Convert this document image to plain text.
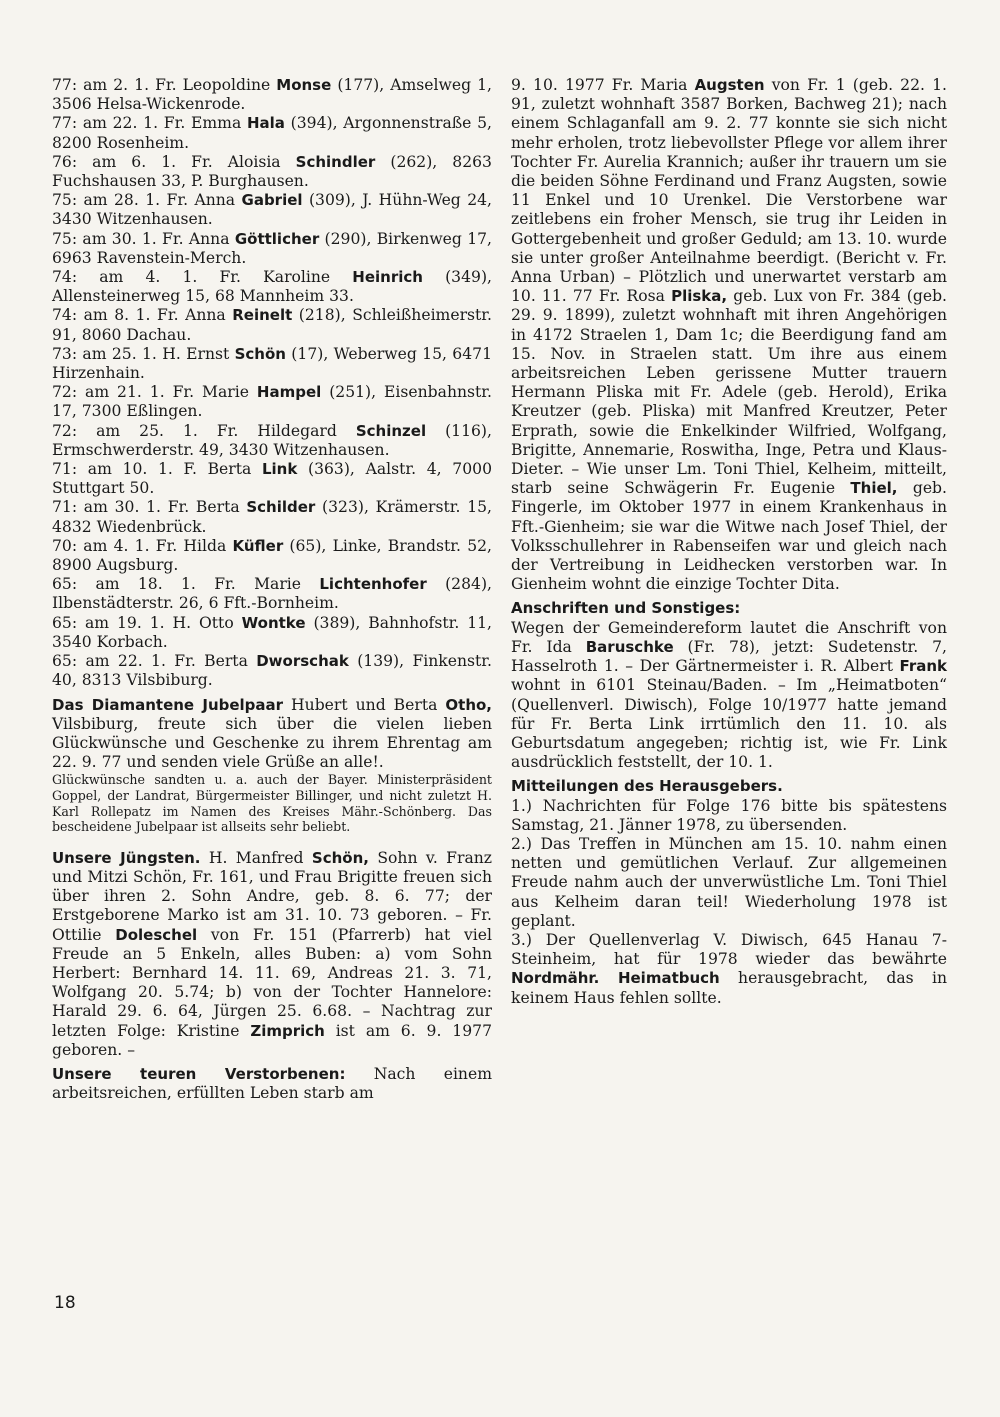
77: am 2. 1. Fr. Leopoldine Monse (177), Amselweg 1, 3506 Helsa-Wickenrode.

77: am 22. 1. Fr. Emma Hala (394), Argonnenstraße 5, 8200 Rosenheim.

76: am 6. 1. Fr. Aloisia Schindler (262), 8263 Fuchshausen 33, P. Burghausen.

75: am 28. 1. Fr. Anna Gabriel (309), J. Hühn-Weg 24, 3430 Witzenhausen.

75: am 30. 1. Fr. Anna Göttlicher (290), Birkenweg 17, 6963 Ravenstein-Merch.

74: am 4. 1. Fr. Karoline Heinrich (349), Allensteinerweg 15, 68 Mannheim 33.

74: am 8. 1. Fr. Anna Reinelt (218), Schleißheimerstr. 91, 8060 Dachau.

73: am 25. 1. H. Ernst Schön (17), Weberweg 15, 6471 Hirzenhain.

72: am 21. 1. Fr. Marie Hampel (251), Eisenbahnstr. 17, 7300 Eßlingen.

72: am 25. 1. Fr. Hildegard Schinzel (116), Ermschwerderstr. 49, 3430 Witzenhausen.

71: am 10. 1. F. Berta Link (363), Aalstr. 4, 7000 Stuttgart 50.

71: am 30. 1. Fr. Berta Schilder (323), Krämerstr. 15, 4832 Wiedenbrück.

70: am 4. 1. Fr. Hilda Küfler (65), Linke, Brandstr. 52, 8900 Augsburg.

65: am 18. 1. Fr. Marie Lichtenhofer (284), Ilbenstädterstr. 26, 6 Fft.-Bornheim.

65: am 19. 1. H. Otto Wontke (389), Bahnhofstr. 11, 3540 Korbach.

65: am 22. 1. Fr. Berta Dworschak (139), Finkenstr. 40, 8313 Vilsbiburg.

Das Diamantene Jubelpaar Hubert und Berta Otho, Vilsbiburg, freute sich über die vielen lieben Glückwünsche und Geschenke zu ihrem Ehrentag am 22. 9. 77 und senden viele Grüße an alle!.

Glückwünsche sandten u. a. auch der Bayer. Ministerpräsident Goppel, der Landrat, Bürgermeister Billinger, und nicht zuletzt H. Karl Rollepatz im Namen des Kreises Mähr.-Schönberg. Das bescheidene Jubelpaar ist allseits sehr beliebt.

Unsere Jüngsten. H. Manfred Schön, Sohn v. Franz und Mitzi Schön, Fr. 161, und Frau Brigitte freuen sich über ihren 2. Sohn Andre, geb. 8. 6. 77; der Erstgeborene Marko ist am 31. 10. 73 geboren. – Fr. Ottilie Doleschel von Fr. 151 (Pfarrerb) hat viel Freude an 5 Enkeln, alles Buben: a) vom Sohn Herbert: Bernhard 14. 11. 69, Andreas 21. 3. 71, Wolfgang 20. 5.74; b) von der Tochter Hannelore: Harald 29. 6. 64, Jürgen 25. 6.68. – Nachtrag zur letzten Folge: Kristine Zimprich ist am 6. 9. 1977 geboren. –

Unsere teuren Verstorbenen: Nach einem arbeitsreichen, erfüllten Leben starb am

9. 10. 1977 Fr. Maria Augsten von Fr. 1 (geb. 22. 1. 91, zuletzt wohnhaft 3587 Borken, Bachweg 21); nach einem Schlaganfall am 9. 2. 77 konnte sie sich nicht mehr erholen, trotz liebevollster Pflege vor allem ihrer Tochter Fr. Aurelia Krannich; außer ihr trauern um sie die beiden Söhne Ferdinand und Franz Augsten, sowie 11 Enkel und 10 Urenkel. Die Verstorbene war zeitlebens ein froher Mensch, sie trug ihr Leiden in Gottergebenheit und großer Geduld; am 13. 10. wurde sie unter großer Anteilnahme beerdigt. (Bericht v. Fr. Anna Urban) – Plötzlich und unerwartet verstarb am 10. 11. 77 Fr. Rosa Pliska, geb. Lux von Fr. 384 (geb. 29. 9. 1899), zuletzt wohnhaft mit ihren Angehörigen in 4172 Straelen 1, Dam 1c; die Beerdigung fand am 15. Nov. in Straelen statt. Um ihre aus einem arbeitsreichen Leben gerissene Mutter trauern Hermann Pliska mit Fr. Adele (geb. Herold), Erika Kreutzer (geb. Pliska) mit Manfred Kreutzer, Peter Erprath, sowie die Enkelkinder Wilfried, Wolfgang, Brigitte, Annemarie, Roswitha, Inge, Petra und Klaus-Dieter. – Wie unser Lm. Toni Thiel, Kelheim, mitteilt, starb seine Schwägerin Fr. Eugenie Thiel, geb. Fingerle, im Oktober 1977 in einem Krankenhaus in Fft.-Gienheim; sie war die Witwe nach Josef Thiel, der Volksschullehrer in Rabenseifen war und gleich nach der Vertreibung in Leidhecken verstorben war. In Gienheim wohnt die einzige Tochter Dita.

Anschriften und Sonstiges:

Wegen der Gemeindereform lautet die Anschrift von Fr. Ida Baruschke (Fr. 78), jetzt: Sudetenstr. 7, Hasselroth 1. – Der Gärtnermeister i. R. Albert Frank wohnt in 6101 Steinau/Baden. – Im „Heimatboten“ (Quellenverl. Diwisch), Folge 10/1977 hatte jemand für Fr. Berta Link irrtümlich den 11. 10. als Geburtsdatum angegeben; richtig ist, wie Fr. Link ausdrücklich feststellt, der 10. 1.

Mitteilungen des Herausgebers.

1.) Nachrichten für Folge 176 bitte bis spätestens Samstag, 21. Jänner 1978, zu übersenden.

2.) Das Treffen in München am 15. 10. nahm einen netten und gemütlichen Verlauf. Zur allgemeinen Freude nahm auch der unverwüstliche Lm. Toni Thiel aus Kelheim daran teil! Wiederholung 1978 ist geplant.

3.) Der Quellenverlag V. Diwisch, 645 Hanau 7-Steinheim, hat für 1978 wieder das bewährte Nordmähr. Heimatbuch herausgebracht, das in keinem Haus fehlen sollte.

18
